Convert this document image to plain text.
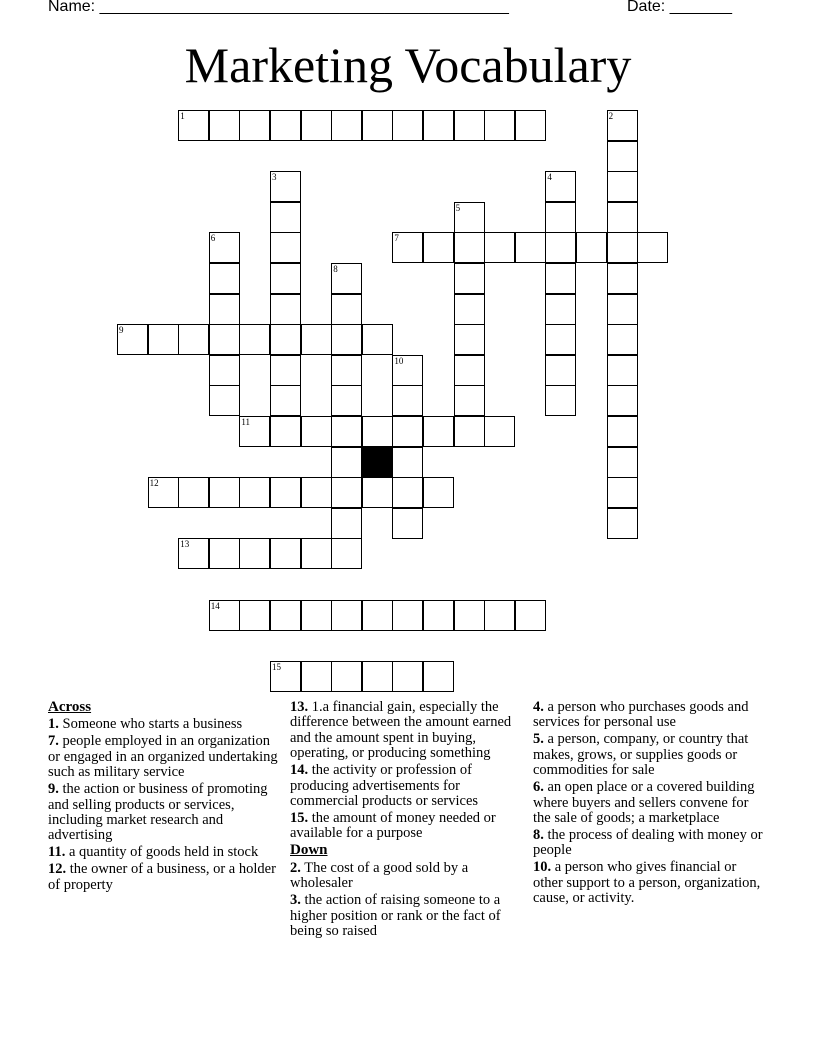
Name: ______________________________________________	Date: _______
Marketing Vocabulary
1	2
3	4
5
6	7
8
9
10
11
12
13
14
15
Across
1. Someone who starts a business
7. people employed in an organization or engaged in an organized undertaking such as military service
9. the action or business of promoting and selling products or services, including market research and advertising
11. a quantity of goods held in stock
12. the owner of a business, or a holder of property
13. 1.a financial gain, especially the difference between the amount earned and the amount spent in buying, operating, or producing something
14. the activity or profession of producing advertisements for commercial products or services
15. the amount of money needed or available for a purpose
Down
2. The cost of a good sold by a wholesaler
3. the action of raising someone to a higher position or rank or the fact of being so raised
4. a person who purchases goods and services for personal use
5. a person, company, or country that makes, grows, or supplies goods or commodities for sale
6. an open place or a covered building where buyers and sellers convene for the sale of goods; a marketplace
8. the process of dealing with money or people
10. a person who gives financial or other support to a person, organization, cause, or activity.
